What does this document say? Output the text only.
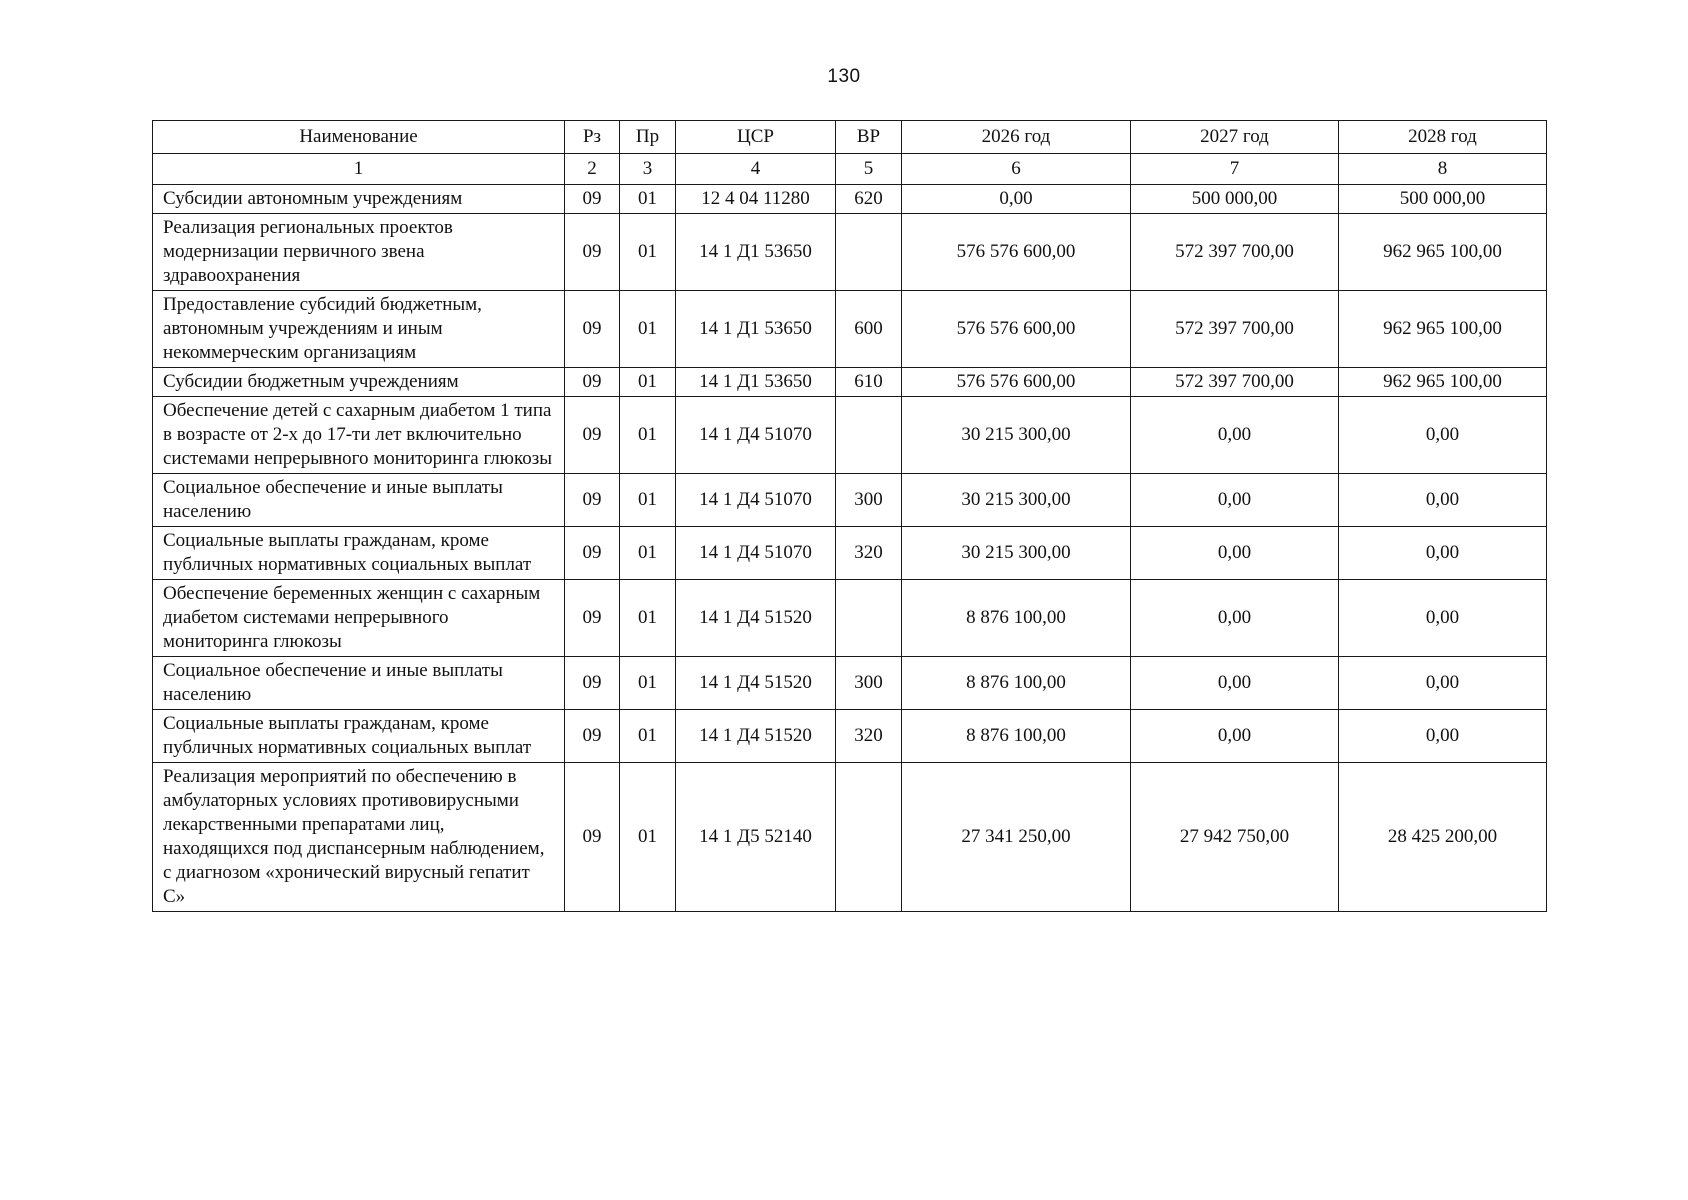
130
Наименование	Рз	Пр	ЦСР	ВР	2026 год	2027 год	2028 год
1	2	3	4	5	6	7	8
Субсидии автономным учреждениям	09	01	12 4 04 11280	620	0,00	500 000,00	500 000,00
Реализация региональных проектов модернизации первичного звена здравоохранения	09	01	14 1 Д1 53650		576 576 600,00	572 397 700,00	962 965 100,00
Предоставление субсидий бюджетным, автономным учреждениям и иным некоммерческим организациям	09	01	14 1 Д1 53650	600	576 576 600,00	572 397 700,00	962 965 100,00
Субсидии бюджетным учреждениям	09	01	14 1 Д1 53650	610	576 576 600,00	572 397 700,00	962 965 100,00
Обеспечение детей с сахарным диабетом 1 типа в возрасте от 2-х до 17-ти лет включительно системами непрерывного мониторинга глюкозы	09	01	14 1 Д4 51070		30 215 300,00	0,00	0,00
Социальное обеспечение и иные выплаты населению	09	01	14 1 Д4 51070	300	30 215 300,00	0,00	0,00
Социальные выплаты гражданам, кроме публичных нормативных социальных выплат	09	01	14 1 Д4 51070	320	30 215 300,00	0,00	0,00
Обеспечение беременных женщин с сахарным диабетом системами непрерывного мониторинга глюкозы	09	01	14 1 Д4 51520		8 876 100,00	0,00	0,00
Социальное обеспечение и иные выплаты населению	09	01	14 1 Д4 51520	300	8 876 100,00	0,00	0,00
Социальные выплаты гражданам, кроме публичных нормативных социальных выплат	09	01	14 1 Д4 51520	320	8 876 100,00	0,00	0,00
Реализация мероприятий по обеспечению в амбулаторных условиях противовирусными лекарственными препаратами лиц, находящихся под диспансерным наблюдением, с диагнозом «хронический вирусный гепатит С»	09	01	14 1 Д5 52140		27 341 250,00	27 942 750,00	28 425 200,00
